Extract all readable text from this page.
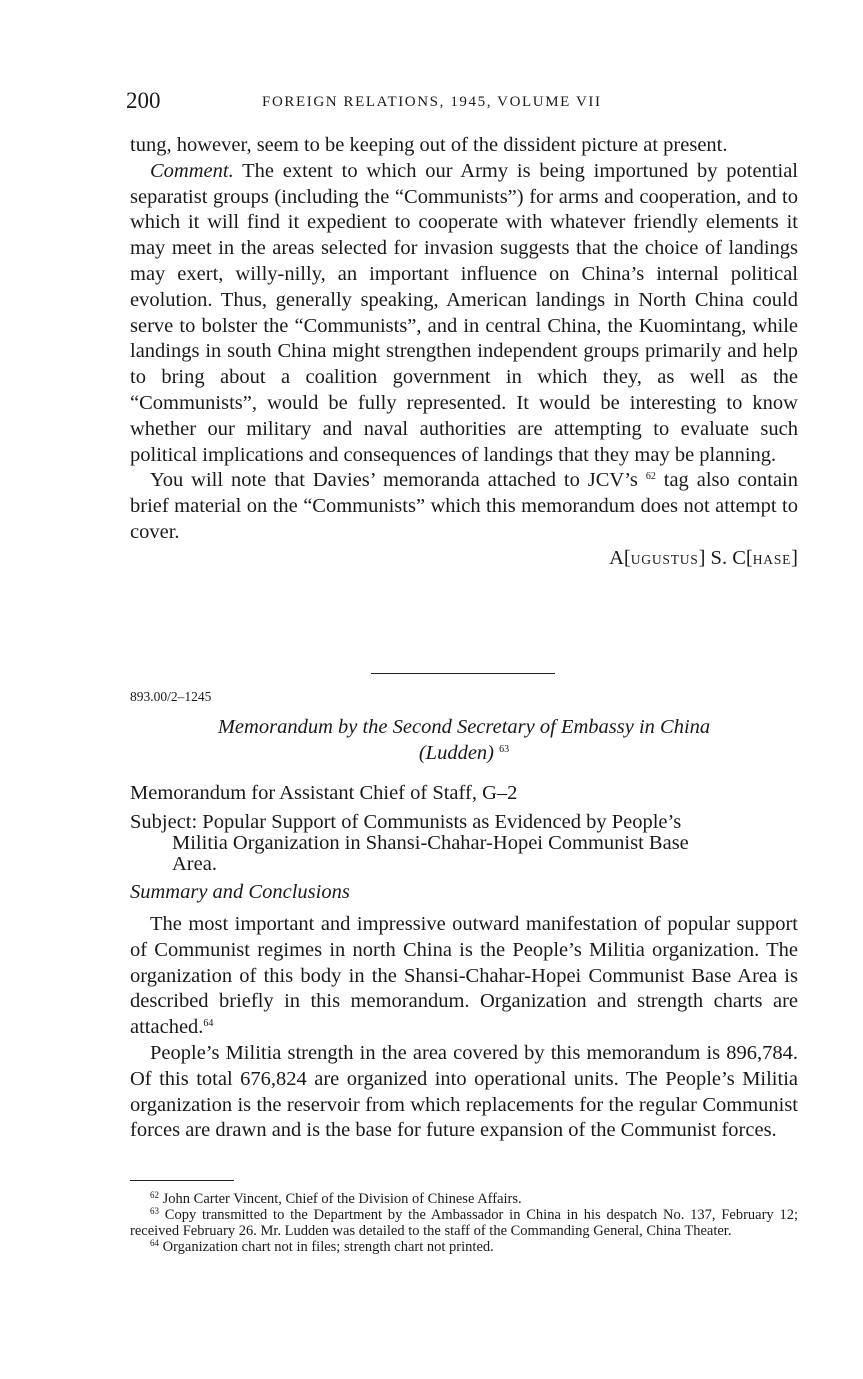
200	FOREIGN RELATIONS, 1945, VOLUME VII

tung, however, seem to be keeping out of the dissident picture at present.

Comment. The extent to which our Army is being importuned by potential separatist groups (including the “Communists”) for arms and cooperation, and to which it will find it expedient to cooperate with whatever friendly elements it may meet in the areas selected for invasion suggests that the choice of landings may exert, willy-nilly, an important influence on China’s internal political evolution. Thus, generally speaking, American landings in North China could serve to bolster the “Communists”, and in central China, the Kuomintang, while landings in south China might strengthen independent groups primarily and help to bring about a coalition government in which they, as well as the “Communists”, would be fully represented. It would be interesting to know whether our military and naval authorities are attempting to evaluate such political implications and consequences of landings that they may be planning.

You will note that Davies’ memoranda attached to JCV’s $^{62}$ tag also contain brief material on the “Communists” which this memorandum does not attempt to cover.

A[UGUSTUS] S. C[HASE]

893.00/2–1245
Memorandum by the Second Secretary of Embassy in China
(Ludden) $^{63}$
Memorandum for Assistant Chief of Staff, G–2
Subject: Popular Support of Communists as Evidenced by People’s
Militia Organization in Shansi-Chahar-Hopei Communist Base
Area.
Summary and Conclusions

The most important and impressive outward manifestation of popular support of Communist regimes in north China is the People’s Militia organization. The organization of this body in the Shansi-Chahar-Hopei Communist Base Area is described briefly in this memorandum. Organization and strength charts are attached.$^{64}$

People’s Militia strength in the area covered by this memorandum is 896,784. Of this total 676,824 are organized into operational units. The People’s Militia organization is the reservoir from which replacements for the regular Communist forces are drawn and is the base for future expansion of the Communist forces.

$^{62}$ John Carter Vincent, Chief of the Division of Chinese Affairs.

$^{63}$ Copy transmitted to the Department by the Ambassador in China in his despatch No. 137, February 12; received February 26. Mr. Ludden was detailed to the staff of the Commanding General, China Theater.

$^{64}$ Organization chart not in files; strength chart not printed.
